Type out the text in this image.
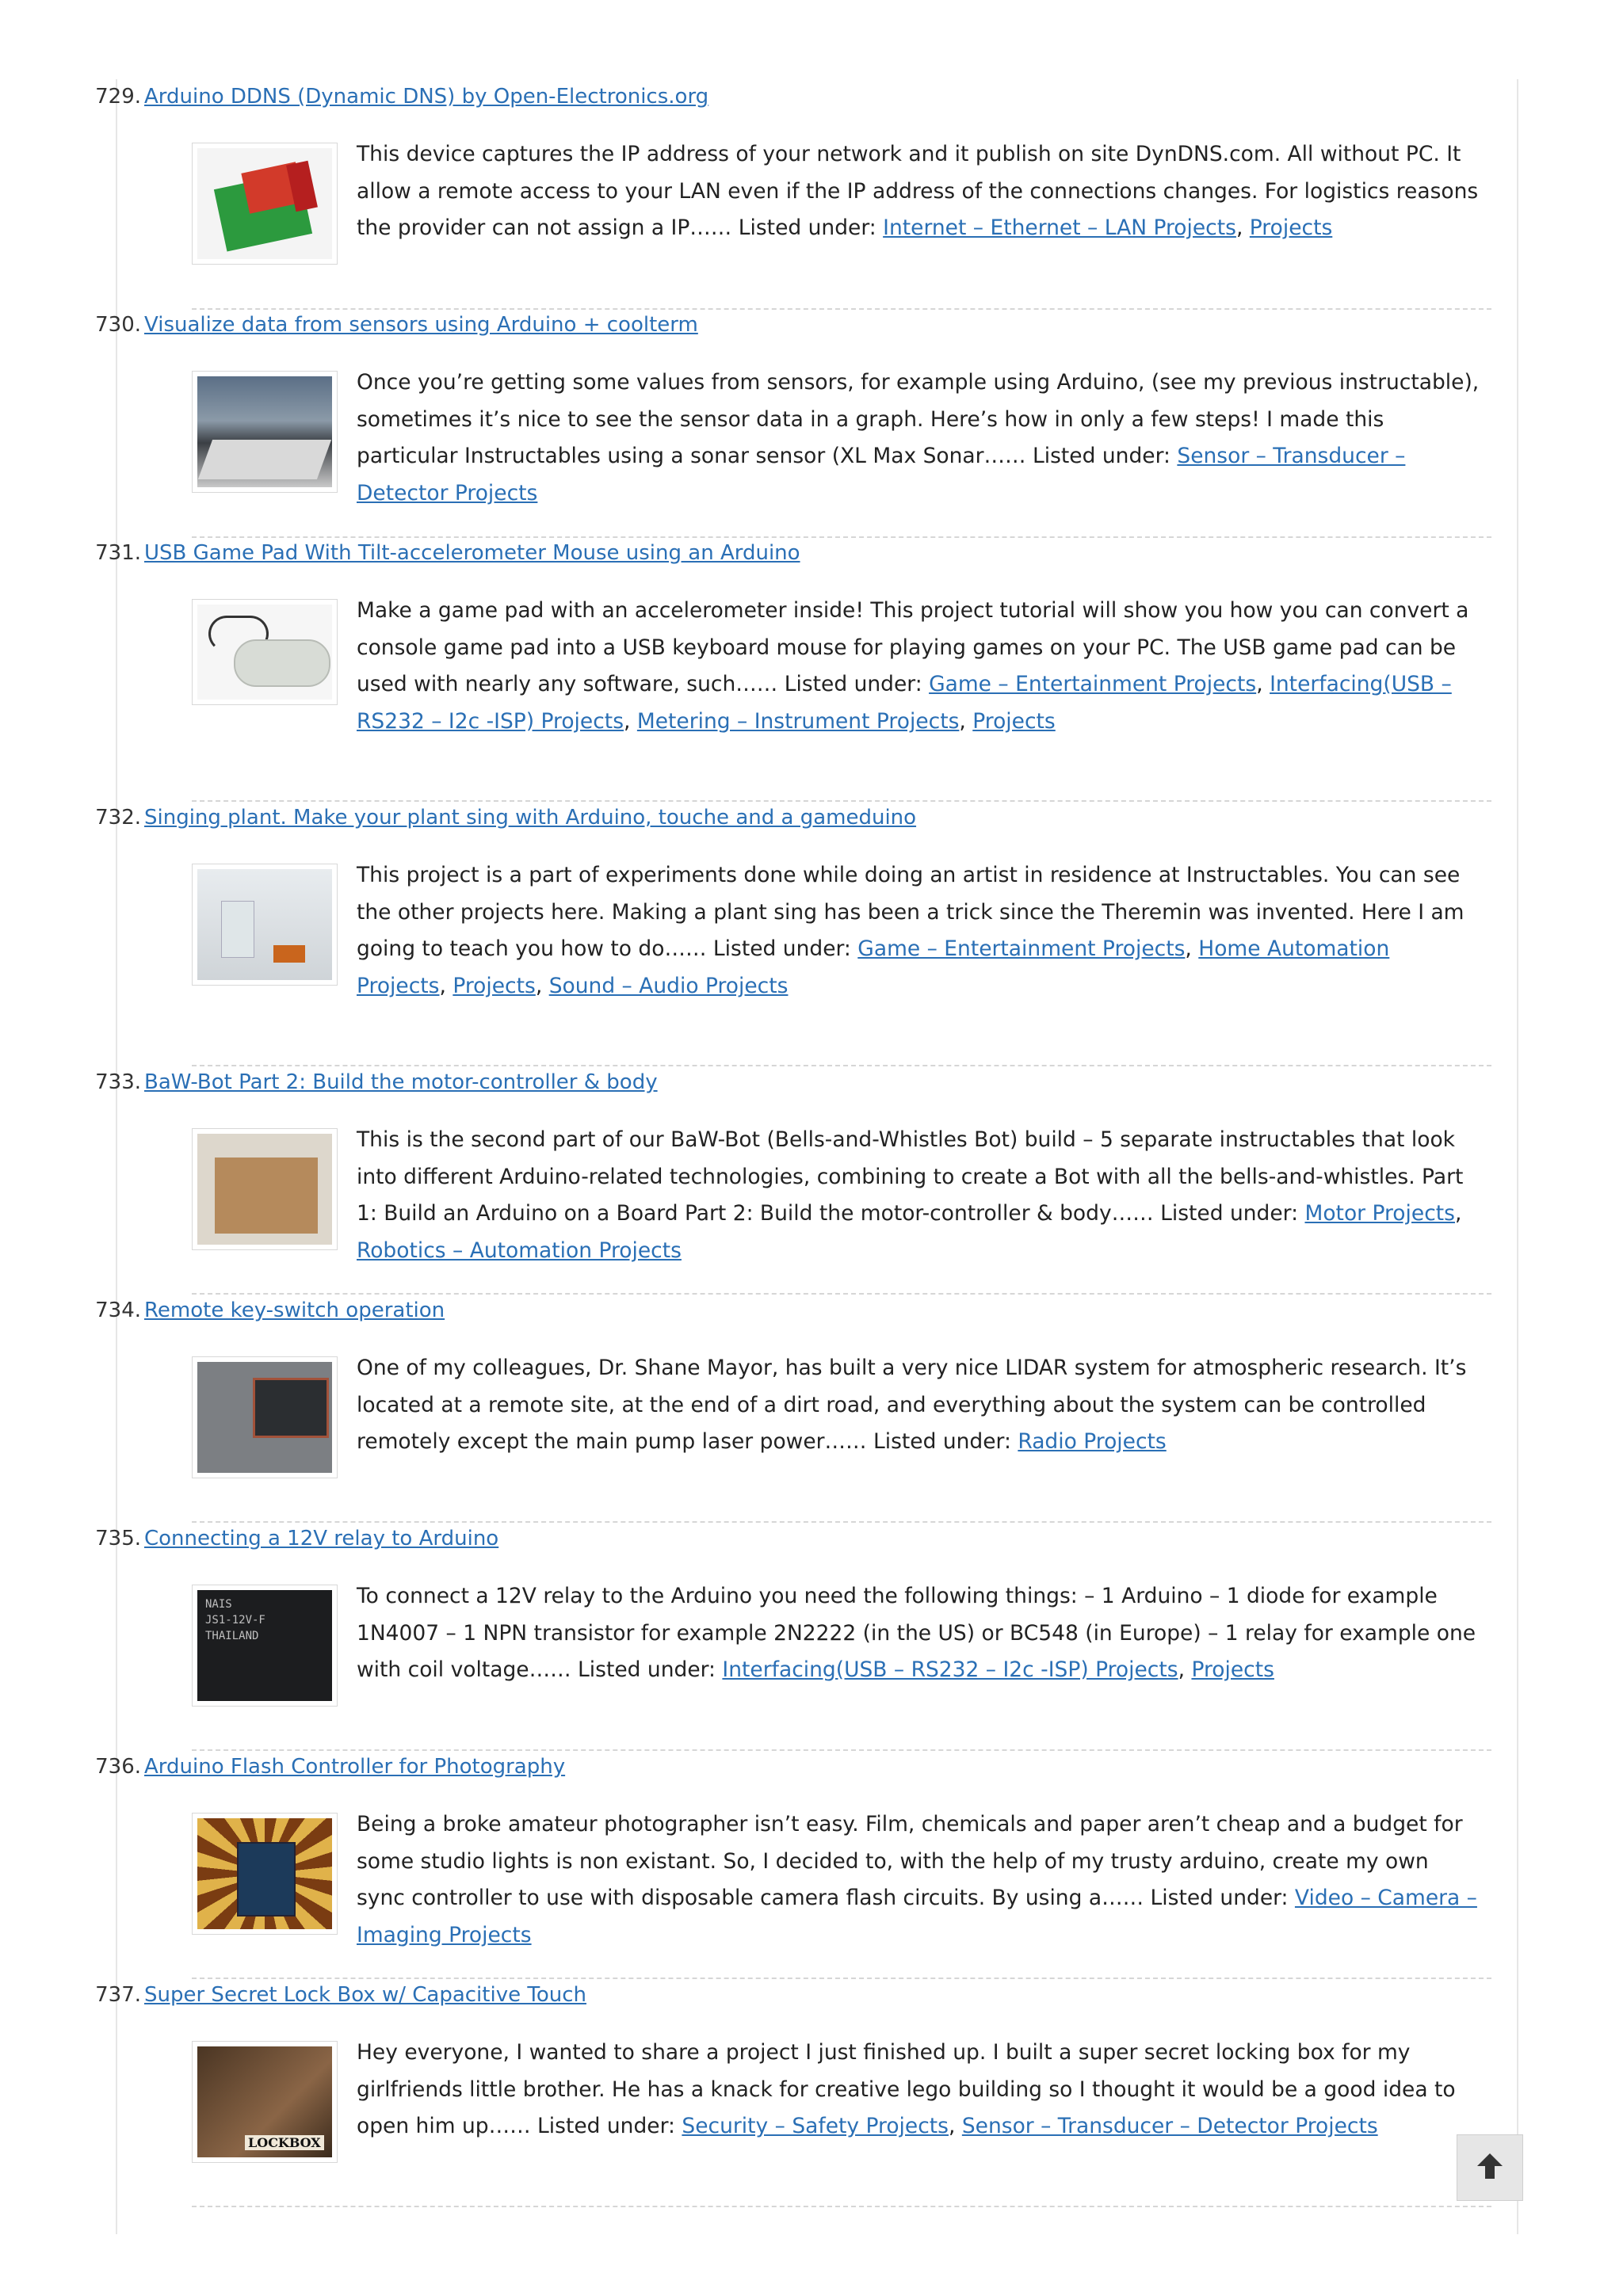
729. Arduino DDNS (Dynamic DNS) by Open-Electronics.org
This device captures the IP address of your network and it publish on site DynDNS.com. All without PC. It allow a remote access to your LAN even if the IP address of the connections changes. For logistics reasons the provider can not assign a IP…… Listed under: Internet – Ethernet – LAN Projects, Projects
730. Visualize data from sensors using Arduino + coolterm
Once you’re getting some values from sensors, for example using Arduino, (see my previous instructable), sometimes it’s nice to see the sensor data in a graph. Here’s how in only a few steps! I made this particular Instructables using a sonar sensor (XL Max Sonar…… Listed under: Sensor – Transducer – Detector Projects
731. USB Game Pad With Tilt-accelerometer Mouse using an Arduino
Make a game pad with an accelerometer inside! This project tutorial will show you how you can convert a console game pad into a USB keyboard mouse for playing games on your PC. The USB game pad can be used with nearly any software, such…… Listed under: Game – Entertainment Projects, Interfacing(USB – RS232 – I2c -ISP) Projects, Metering – Instrument Projects, Projects
732. Singing plant. Make your plant sing with Arduino, touche and a gameduino
This project is a part of experiments done while doing an artist in residence at Instructables. You can see the other projects here. Making a plant sing has been a trick since the Theremin was invented. Here I am going to teach you how to do…… Listed under: Game – Entertainment Projects, Home Automation Projects, Projects, Sound – Audio Projects
733. BaW-Bot Part 2: Build the motor-controller & body
This is the second part of our BaW-Bot (Bells-and-Whistles Bot) build – 5 separate instructables that look into different Arduino-related technologies, combining to create a Bot with all the bells-and-whistles. Part 1: Build an Arduino on a Board Part 2: Build the motor-controller & body…… Listed under: Motor Projects, Robotics – Automation Projects
734. Remote key-switch operation
One of my colleagues, Dr. Shane Mayor, has built a very nice LIDAR system for atmospheric research. It’s located at a remote site, at the end of a dirt road, and everything about the system can be controlled remotely except the main pump laser power…… Listed under: Radio Projects
735. Connecting a 12V relay to Arduino
NAIS
JS1-12V-F
THAILAND
To connect a 12V relay to the Arduino you need the following things: – 1 Arduino – 1 diode for example 1N4007 – 1 NPN transistor for example 2N2222 (in the US) or BC548 (in Europe) – 1 relay for example one with coil voltage…… Listed under: Interfacing(USB – RS232 – I2c -ISP) Projects, Projects
736. Arduino Flash Controller for Photography
Being a broke amateur photographer isn’t easy. Film, chemicals and paper aren’t cheap and a budget for some studio lights is non existant. So, I decided to, with the help of my trusty arduino, create my own sync controller to use with disposable camera flash circuits. By using a…… Listed under: Video – Camera – Imaging Projects
737. Super Secret Lock Box w/ Capacitive Touch
LOCKBOX
Hey everyone, I wanted to share a project I just finished up. I built a super secret locking box for my girlfriends little brother. He has a knack for creative lego building so I thought it would be a good idea to open him up…… Listed under: Security – Safety Projects, Sensor – Transducer – Detector Projects
